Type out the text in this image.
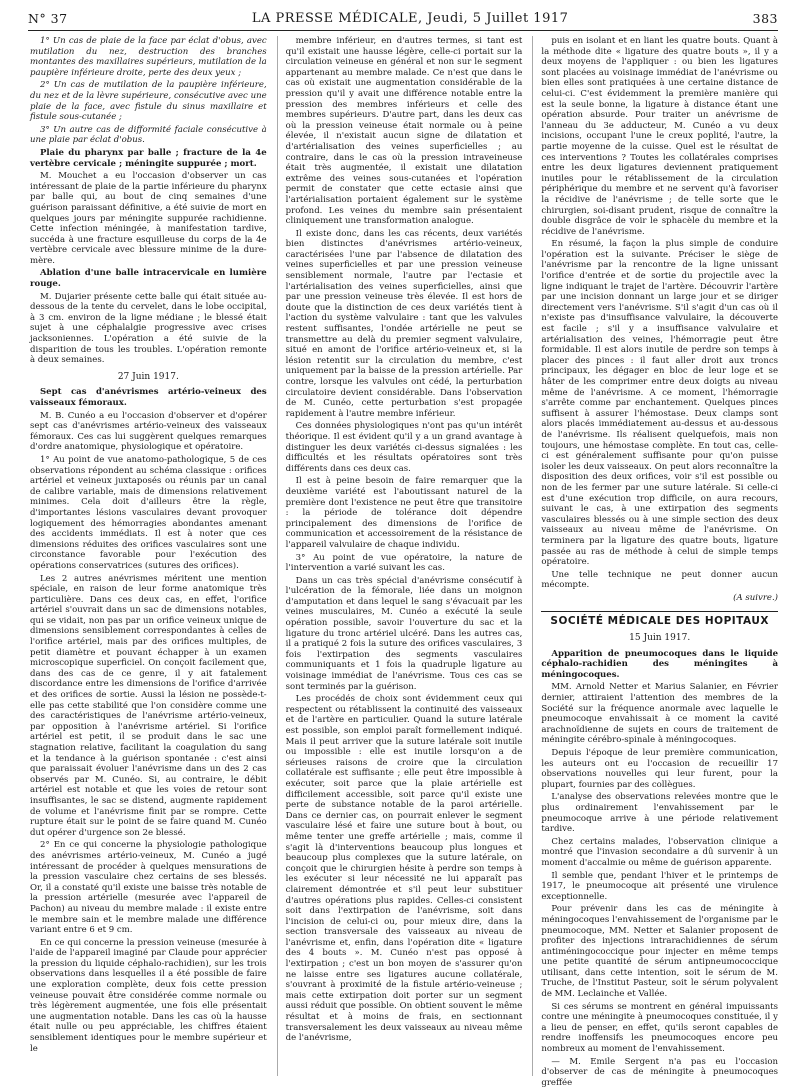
N° 37	LA PRESSE MÉDICALE, Jeudi, 5 Juillet 1917	383

1° Un cas de plaie de la face par éclat d'obus, avec mutilation du nez, destruction des branches montantes des maxillaires supérieurs, mutilation de la paupière inférieure droite, perte des deux yeux ;

2° Un cas de mutilation de la paupière inférieure, du nez et de la lèvre supérieure, consécutive avec une plaie de la face, avec fistule du sinus maxillaire et fistule sous-cutanée ;

3° Un autre cas de difformité faciale consécutive à une plaie par éclat d'obus.

Plaie du pharynx par balle ; fracture de la 4e vertèbre cervicale ; méningite suppurée ; mort.

M. Mouchet a eu l'occasion d'observer un cas intéressant de plaie de la partie inférieure du pharynx par balle qui, au bout de cinq semaines d'une guérison paraissant définitive, a été suivie de mort en quelques jours par méningite suppurée rachidienne. Cette infection méningée, à manifestation tardive, succéda à une fracture esquilleuse du corps de la 4e vertèbre cervicale avec blessure minime de la dure-mère.

Ablation d'une balle intracervicale en lumière rouge.

M. Dujarier présente cette balle qui était située au-dessous de la tente du cervelet, dans le lobe occipital, à 3 cm. environ de la ligne médiane ; le blessé était sujet à une céphalalgie progressive avec crises jacksoniennes. L'opération a été suivie de la disparition de tous les troubles. L'opération remonte à deux semaines.

27 Juin 1917.

Sept cas d'anévrismes artério-veineux des vaisseaux fémoraux.

M. B. Cunéo a eu l'occasion d'observer et d'opérer sept cas d'anévrismes artério-veineux des vaisseaux fémoraux. Ces cas lui suggèrent quelques remarques d'ordre anatomique, physiologique et opératoire.

1° Au point de vue anatomo-pathologique, 5 de ces observations répondent au schéma classique : orifices artériel et veineux juxtaposés ou réunis par un canal de calibre variable, mais de dimensions relativement minimes. Cela doit d'ailleurs être la règle, d'importantes lésions vasculaires devant provoquer logiquement des hémorragies abondantes amenant des accidents immédiats. Il est à noter que ces dimensions réduites des orifices vasculaires sont une circonstance favorable pour l'exécution des opérations conservatrices (sutures des orifices).

Les 2 autres anévrismes méritent une mention spéciale, en raison de leur forme anatomique très particulière. Dans ces deux cas, en effet, l'orifice artériel s'ouvrait dans un sac de dimensions notables, qui se vidait, non pas par un orifice veineux unique de dimensions sensiblement correspondantes à celles de l'orifice artériel, mais par des orifices multiples, de petit diamètre et pouvant échapper à un examen microscopique superficiel. On conçoit facilement que, dans des cas de ce genre, il y ait fatalement discordance entre les dimensions de l'orifice d'arrivée et des orifices de sortie. Aussi la lésion ne possède-t-elle pas cette stabilité que l'on considère comme une des caractéristiques de l'anévrisme artério-veineux, par opposition à l'anévrisme artériel. Si l'orifice artériel est petit, il se produit dans le sac une stagnation relative, facilitant la coagulation du sang et la tendance à la guérison spontanée : c'est ainsi que paraissait évoluer l'anévrisme dans un des 2 cas observés par M. Cunéo. Si, au contraire, le débit artériel est notable et que les voies de retour sont insuffisantes, le sac se distend, augmente rapidement de volume et l'anévrisme finit par se rompre. Cette rupture était sur le point de se faire quand M. Cunéo dut opérer d'urgence son 2e blessé.

2° En ce qui concerne la physiologie pathologique des anévrismes artério-veineux, M. Cunéo a jugé intéressant de procéder à quelques mensurations de la pression vasculaire chez certains de ses blessés. Or, il a constaté qu'il existe une baisse très notable de la pression artérielle (mesurée avec l'appareil de Pachon) au niveau du membre malade : il existe entre le membre sain et le membre malade une différence variant entre 6 et 9 cm.

En ce qui concerne la pression veineuse (mesurée à l'aide de l'appareil imaginé par Claude pour apprécier la pression du liquide céphalo-rachidien), sur les trois observations dans lesquelles il a été possible de faire une exploration complète, deux fois cette pression veineuse pouvait être considérée comme normale ou très légèrement augmentée, une fois elle présentait une augmentation notable. Dans les cas où la hausse était nulle ou peu appréciable, les chiffres étaient sensiblement identiques pour le membre supérieur et le

membre inférieur, en d'autres termes, si tant est qu'il existait une hausse légère, celle-ci portait sur la circulation veineuse en général et non sur le segment appartenant au membre malade. Ce n'est que dans le cas où existait une augmentation considérable de la pression qu'il y avait une différence notable entre la pression des membres inférieurs et celle des membres supérieurs. D'autre part, dans les deux cas où la pression veineuse était normale ou à peine élevée, il n'existait aucun signe de dilatation et d'artérialisation des veines superficielles ; au contraire, dans le cas où la pression intraveineuse était très augmentée, il existait une dilatation extrême des veines sous-cutanées et l'opération permit de constater que cette ectasie ainsi que l'artérialisation portaient également sur le système profond. Les veines du membre sain présentaient cliniquement une transformation analogue.

Il existe donc, dans les cas récents, deux variétés bien distinctes d'anévrismes artério-veineux, caractérisées l'une par l'absence de dilatation des veines superficielles et par une pression veineuse sensiblement normale, l'autre par l'ectasie et l'artérialisation des veines superficielles, ainsi que par une pression veineuse très élevée. Il est hors de doute que la distinction de ces deux variétés tient à l'action du système valvulaire : tant que les valvules restent suffisantes, l'ondée artérielle ne peut se transmettre au delà du premier segment valvulaire, situé en amont de l'orifice artério-veineux et, si la lésion retentit sur la circulation du membre, c'est uniquement par la baisse de la pression artérielle. Par contre, lorsque les valvules ont cédé, la perturbation circulatoire devient considérable. Dans l'observation de M. Cunéo, cette perturbation s'est propagée rapidement à l'autre membre inférieur.

Ces données physiologiques n'ont pas qu'un intérêt théorique. Il est évident qu'il y a un grand avantage à distinguer les deux variétés ci-dessus signalées : les difficultés et les résultats opératoires sont très différents dans ces deux cas.

Il est à peine besoin de faire remarquer que la deuxième variété est l'aboutissant naturel de la première dont l'existence ne peut être que transitoire : la période de tolérance doit dépendre principalement des dimensions de l'orifice de communication et accessoirement de la résistance de l'appareil valvulaire de chaque individu.

3° Au point de vue opératoire, la nature de l'intervention a varié suivant les cas.

Dans un cas très spécial d'anévrisme consécutif à l'ulcération de la fémorale, liée dans un moignon d'amputation et dans lequel le sang s'évacuait par les veines musculaires, M. Cunéo a exécuté la seule opération possible, savoir l'ouverture du sac et la ligature du tronc artériel ulcéré. Dans les autres cas, il a pratiqué 2 fois la suture des orifices vasculaires, 3 fois l'extirpation des segments vasculaires communiquants et 1 fois la quadruple ligature au voisinage immédiat de l'anévrisme. Tous ces cas se sont terminés par la guérison.

Les procédés de choix sont évidemment ceux qui respectent ou rétablissent la continuité des vaisseaux et de l'artère en particulier. Quand la suture latérale est possible, son emploi paraît formellement indiqué. Mais il peut arriver que la suture latérale soit inutile ou impossible : elle est inutile lorsqu'on a de sérieuses raisons de croire que la circulation collatérale est suffisante ; elle peut être impossible à exécuter, soit parce que la plaie artérielle est difficilement accessible, soit parce qu'il existe une perte de substance notable de la paroi artérielle. Dans ce dernier cas, on pourrait enlever le segment vasculaire lésé et faire une suture bout à bout, ou même tenter une greffe artérielle ; mais, comme il s'agit là d'interventions beaucoup plus longues et beaucoup plus complexes que la suture latérale, on conçoit que le chirurgien hésite à perdre son temps à les exécuter si leur nécessité ne lui apparaît pas clairement démontrée et s'il peut leur substituer d'autres opérations plus rapides. Celles-ci consistent soit dans l'extirpation de l'anévrisme, soit dans l'incision de celui-ci ou, pour mieux dire, dans la section transversale des vaisseaux au niveau de l'anévrisme et, enfin, dans l'opération dite « ligature des 4 bouts ». M. Cunéo n'est pas opposé à l'extirpation ; c'est un bon moyen de s'assurer qu'on ne laisse entre ses ligatures aucune collatérale, s'ouvrant à proximité de la fistule artério-veineuse ; mais cette extirpation doit porter sur un segment aussi réduit que possible. On obtient souvent le même résultat et à moins de frais, en sectionnant transversalement les deux vaisseaux au niveau même de l'anévrisme,

puis en isolant et en liant les quatre bouts. Quant à la méthode dite « ligature des quatre bouts », il y a deux moyens de l'appliquer : ou bien les ligatures sont placées au voisinage immédiat de l'anévrisme ou bien elles sont pratiquées à une certaine distance de celui-ci. C'est évidemment la première manière qui est la seule bonne, la ligature à distance étant une opération absurde. Pour traiter un anévrisme de l'anneau du 3e adducteur, M. Cunéo a vu deux incisions, occupant l'une le creux poplité, l'autre, la partie moyenne de la cuisse. Quel est le résultat de ces interventions ? Toutes les collatérales comprises entre les deux ligatures deviennent pratiquement inutiles pour le rétablissement de la circulation périphérique du membre et ne servent qu'à favoriser la récidive de l'anévrisme ; de telle sorte que le chirurgien, soi-disant prudent, risque de connaître la double disgrâce de voir le sphacèle du membre et la récidive de l'anévrisme.

En résumé, la façon la plus simple de conduire l'opération est la suivante. Préciser le siège de l'anévrisme par la rencontre de la ligne unissant l'orifice d'entrée et de sortie du projectile avec la ligne indiquant le trajet de l'artère. Découvrir l'artère par une incision donnant un large jour et se diriger directement vers l'anévrisme. S'il s'agit d'un cas où il n'existe pas d'insuffisance valvulaire, la découverte est facile ; s'il y a insuffisance valvulaire et artérialisation des veines, l'hémorragie peut être formidable. Il est alors inutile de perdre son temps à placer des pinces : il faut aller droit aux troncs principaux, les dégager en bloc de leur loge et se hâter de les comprimer entre deux doigts au niveau même de l'anévrisme. A ce moment, l'hémorragie s'arrête comme par enchantement. Quelques pinces suffisent à assurer l'hémostase. Deux clamps sont alors placés immédiatement au-dessus et au-dessous de l'anévrisme. Ils réalisent quelquefois, mais non toujours, une hémostase complète. En tout cas, celle-ci est généralement suffisante pour qu'on puisse isoler les deux vaisseaux. On peut alors reconnaître la disposition des deux orifices, voir s'il est possible ou non de les fermer par une suture latérale. Si celle-ci est d'une exécution trop difficile, on aura recours, suivant le cas, à une extirpation des segments vasculaires blessés ou à une simple section des deux vaisseaux au niveau même de l'anévrisme. On terminera par la ligature des quatre bouts, ligature passée au ras de méthode à celui de simple temps opératoire.

Une telle technique ne peut donner aucun mécompte.

(A suivre.)
SOCIÉTÉ MÉDICALE DES HOPITAUX
15 Juin 1917.

Apparition de pneumocoques dans le liquide céphalo-rachidien des méningites à méningocoques.

MM. Arnold Netter et Marius Salanier, en Février dernier, attiraient l'attention des membres de la Société sur la fréquence anormale avec laquelle le pneumocoque envahissait à ce moment la cavité arachnoïdienne de sujets en cours de traitement de méningite cérébro-spinale à méningocoques.

Depuis l'époque de leur première communication, les auteurs ont eu l'occasion de recueillir 17 observations nouvelles qui leur furent, pour la plupart, fournies par des collègues.

L'analyse des observations relevées montre que le plus ordinairement l'envahissement par le pneumocoque arrive à une période relativement tardive.

Chez certains malades, l'observation clinique a montré que l'invasion secondaire a dû survenir à un moment d'accalmie ou même de guérison apparente.

Il semble que, pendant l'hiver et le printemps de 1917, le pneumocoque ait présenté une virulence exceptionnelle.

Pour prévenir dans les cas de méningite à méningocoques l'envahissement de l'organisme par le pneumocoque, MM. Netter et Salanier proposent de profiter des injections intrarachidiennes de sérum antiméningococcique pour injecter en même temps une petite quantité de sérum antipneumococcique utilisant, dans cette intention, soit le sérum de M. Truche, de l'Institut Pasteur, soit le sérum polyvalent de MM. Leclainche et Vallée.

Si ces sérums se montrent en général impuissants contre une méningite à pneumocoques constituée, il y a lieu de penser, en effet, qu'ils seront capables de rendre inoffensifs les pneumocoques encore peu nombreux au moment de l'envahissement.

— M. Emile Sergent n'a pas eu l'occasion d'observer de cas de méningite à pneumocoques greffée
